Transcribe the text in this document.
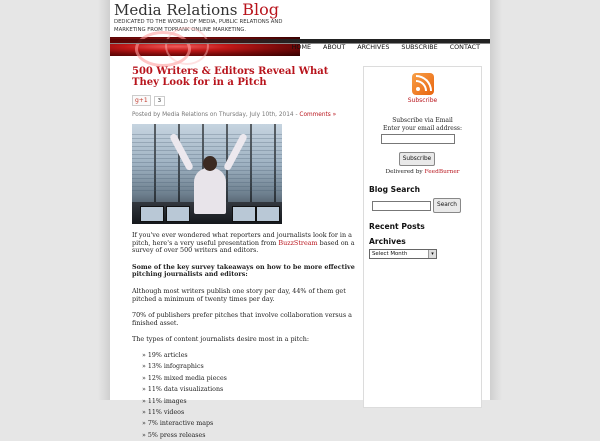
Media Relations Blog
DEDICATED TO THE WORLD OF MEDIA, PUBLIC RELATIONS AND MARKETING FROM TOPRANK ONLINE MARKETING.
HOME	ABOUT	ARCHIVES	SUBSCRIBE	CONTACT
500 Writers & Editors Reveal What They Look for in a Pitch
g+1	3
Posted by Media Relations on Thursday, July 10th, 2014 - Comments »
If you've ever wondered what reporters and journalists look for in a pitch, here's a very useful presentation from BuzzStream based on a survey of over 500 writers and editors.
Some of the key survey takeaways on how to be more effective pitching journalists and editors:
Although most writers publish one story per day, 44% of them get pitched a minimum of twenty times per day.
70% of publishers prefer pitches that involve collaboration versus a finished asset.
The types of content journalists desire most in a pitch:
» 19% articles
» 13% infographics
» 12% mixed media pieces
» 11% data visualizations
» 11% images
» 11% videos
» 7% interactive maps
» 5% press releases
Subscribe
Subscribe via Email
Enter your email address:
Subscribe
Delivered by FeedBurner
Blog Search
Search
Recent Posts
Archives
Select Month	▾
